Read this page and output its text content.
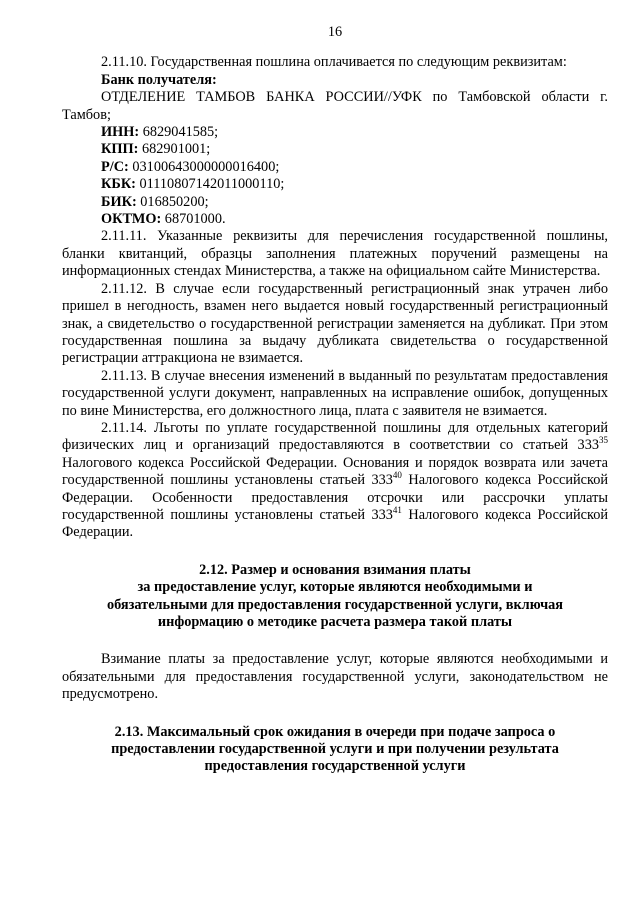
16

2.11.10. Государственная пошлина оплачивается по следующим реквизитам:

Банк получателя:

ОТДЕЛЕНИЕ ТАМБОВ БАНКА РОССИИ//УФК по Тамбовской области г. Тамбов;

ИНН: 6829041585;

КПП: 682901001;

Р/С: 03100643000000016400;

КБК: 01110807142011000110;

БИК: 016850200;

ОКТМО: 68701000.

2.11.11. Указанные реквизиты для перечисления государственной пошлины, бланки квитанций, образцы заполнения платежных поручений размещены на информационных стендах Министерства, а также на официальном сайте Министерства.

2.11.12. В случае если государственный регистрационный знак утрачен либо пришел в негодность, взамен него выдается новый государственный регистрационный знак, а свидетельство о государственной регистрации заменяется на дубликат. При этом государственная пошлина за выдачу дубликата свидетельства о государственной регистрации аттракциона не взимается.

2.11.13. В случае внесения изменений в выданный по результатам предоставления государственной услуги документ, направленных на исправление ошибок, допущенных по вине Министерства, его должностного лица, плата с заявителя не взимается.

2.11.14. Льготы по уплате государственной пошлины для отдельных категорий физических лиц и организаций предоставляются в соответствии со статьей $333^{35}$ Налогового кодекса Российской Федерации. Основания и порядок возврата или зачета государственной пошлины установлены статьей $333^{40}$ Налогового кодекса Российской Федерации. Особенности предоставления отсрочки или рассрочки уплаты государственной пошлины установлены статьей $333^{41}$ Налогового кодекса Российской Федерации.

2.12. Размер и основания взимания платы
за предоставление услуг, которые являются необходимыми и
обязательными для предоставления государственной услуги, включая
информацию о методике расчета размера такой платы

Взимание платы за предоставление услуг, которые являются необходимыми и обязательными для предоставления государственной услуги, законодательством не предусмотрено.

2.13. Максимальный срок ожидания в очереди при подаче запроса о
предоставлении государственной услуги и при получении результата
предоставления государственной услуги
